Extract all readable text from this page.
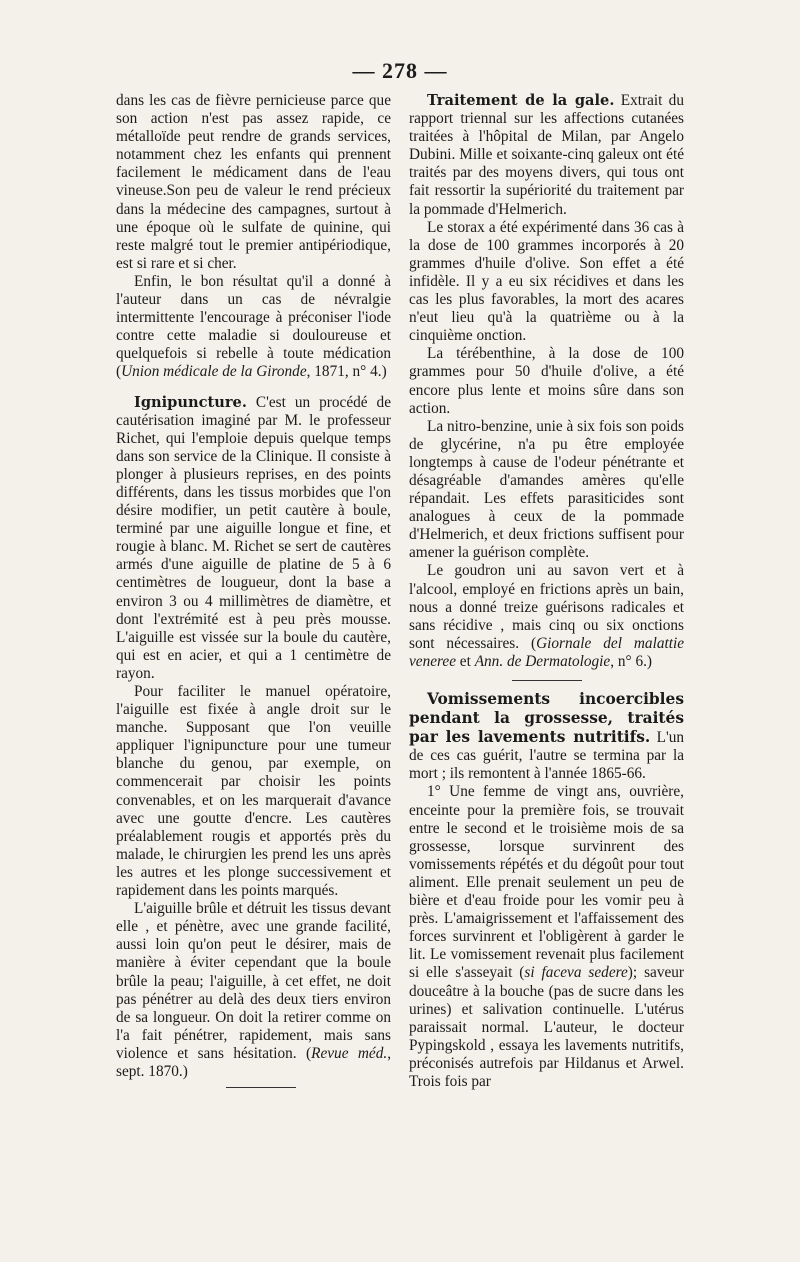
— 278 —

dans les cas de fièvre pernicieuse parce que son action n'est pas assez rapide, ce métalloïde peut rendre de grands services, notamment chez les enfants qui prennent facilement le médicament dans de l'eau vineuse.Son peu de valeur le rend précieux dans la médecine des campagnes, surtout à une époque où le sulfate de quinine, qui reste malgré tout le premier antipériodique, est si rare et si cher.

Enfin, le bon résultat qu'il a donné à l'auteur dans un cas de névralgie intermittente l'encourage à préconiser l'iode contre cette maladie si douloureuse et quelquefois si rebelle à toute médication (Union médicale de la Gironde, 1871, n° 4.)

Ignipuncture. C'est un procédé de cautérisation imaginé par M. le professeur Richet, qui l'emploie depuis quelque temps dans son service de la Clinique. Il consiste à plonger à plusieurs reprises, en des points différents, dans les tissus morbides que l'on désire modifier, un petit cautère à boule, terminé par une aiguille longue et fine, et rougie à blanc. M. Richet se sert de cautères armés d'une aiguille de platine de 5 à 6 centimètres de lougueur, dont la base a environ 3 ou 4 millimètres de diamètre, et dont l'extrémité est à peu près mousse. L'aiguille est vissée sur la boule du cautère, qui est en acier, et qui a 1 centimètre de rayon.

Pour faciliter le manuel opératoire, l'aiguille est fixée à angle droit sur le manche. Supposant que l'on veuille appliquer l'ignipuncture pour une tumeur blanche du genou, par exemple, on commencerait par choisir les points convenables, et on les marquerait d'avance avec une goutte d'encre. Les cautères préalablement rougis et apportés près du malade, le chirurgien les prend les uns après les autres et les plonge successivement et rapidement dans les points marqués.

L'aiguille brûle et détruit les tissus devant elle , et pénètre, avec une grande facilité, aussi loin qu'on peut le désirer, mais de manière à éviter cependant que la boule brûle la peau; l'aiguille, à cet effet, ne doit pas pénétrer au delà des deux tiers environ de sa longueur. On doit la retirer comme on l'a fait pénétrer, rapidement, mais sans violence et sans hésitation. (Revue méd., sept. 1870.)

Traitement de la gale. Extrait du rapport triennal sur les affections cutanées traitées à l'hôpital de Milan, par Angelo Dubini. Mille et soixante-cinq galeux ont été traités par des moyens divers, qui tous ont fait ressortir la supériorité du traitement par la pommade d'Helmerich.

Le storax a été expérimenté dans 36 cas à la dose de 100 grammes incorporés à 20 grammes d'huile d'olive. Son effet a été infidèle. Il y a eu six récidives et dans les cas les plus favorables, la mort des acares n'eut lieu qu'à la quatrième ou à la cinquième onction.

La térébenthine, à la dose de 100 grammes pour 50 d'huile d'olive, a été encore plus lente et moins sûre dans son action.

La nitro-benzine, unie à six fois son poids de glycérine, n'a pu être employée longtemps à cause de l'odeur pénétrante et désagréable d'amandes amères qu'elle répandait. Les effets parasiticides sont analogues à ceux de la pommade d'Helmerich, et deux frictions suffisent pour amener la guérison complète.

Le goudron uni au savon vert et à l'alcool, employé en frictions après un bain, nous a donné treize guérisons radicales et sans récidive , mais cinq ou six onctions sont nécessaires. (Giornale del malattie veneree et Ann. de Dermatologie, n° 6.)

Vomissements incoercibles pendant la grossesse, traités par les lavements nutritifs. L'un de ces cas guérit, l'autre se termina par la mort ; ils remontent à l'année 1865-66.

1° Une femme de vingt ans, ouvrière, enceinte pour la première fois, se trouvait entre le second et le troisième mois de sa grossesse, lorsque survinrent des vomissements répétés et du dégoût pour tout aliment. Elle prenait seulement un peu de bière et d'eau froide pour les vomir peu à près. L'amaigrissement et l'affaissement des forces survinrent et l'obligèrent à garder le lit. Le vomissement revenait plus facilement si elle s'asseyait (si faceva sedere); saveur douceâtre à la bouche (pas de sucre dans les urines) et salivation continuelle. L'utérus paraissait normal. L'auteur, le docteur Pypingskold , essaya les lavements nutritifs, préconisés autrefois par Hildanus et Arwel. Trois fois par
